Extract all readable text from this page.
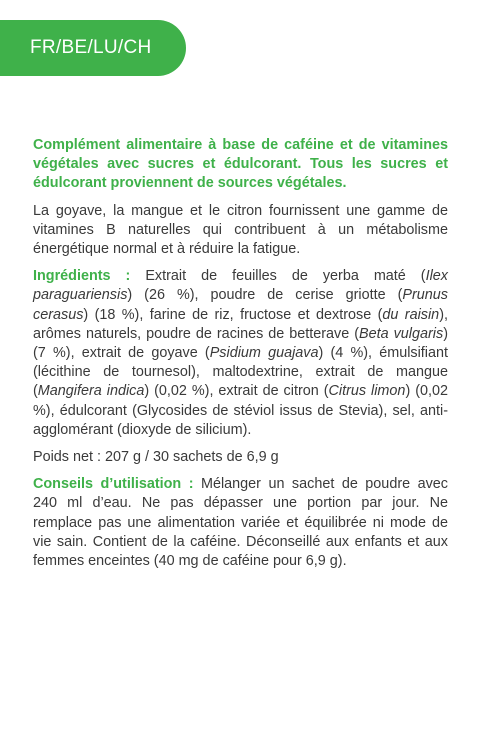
FR/BE/LU/CH

Complément alimentaire à base de caféine et de vitamines végétales avec sucres et édulcorant. Tous les sucres et édulcorant proviennent de sources végétales.

La goyave, la mangue et le citron fournissent une gamme de vitamines B naturelles qui contribuent à un métabolisme énergétique normal et à réduire la fatigue.

Ingrédients : Extrait de feuilles de yerba maté (Ilex paraguariensis) (26 %), poudre de cerise griotte (Prunus cerasus) (18 %), farine de riz, fructose et dextrose (du raisin), arômes naturels, poudre de racines de betterave (Beta vulgaris) (7 %), extrait de goyave (Psidium guajava) (4 %), émulsifiant (lécithine de tournesol), maltodextrine, extrait de mangue (Mangifera indica) (0,02 %), extrait de citron (Citrus limon) (0,02 %), édulcorant (Glycosides de stéviol issus de Stevia), sel, anti-agglomérant (dioxyde de silicium).

Poids net : 207 g / 30 sachets de 6,9 g

Conseils d’utilisation : Mélanger un sachet de poudre avec 240 ml d’eau. Ne pas dépasser une portion par jour. Ne remplace pas une alimentation variée et équilibrée ni mode de vie sain. Contient de la caféine. Déconseillé aux enfants et aux femmes enceintes (40 mg de caféine pour 6,9 g).
